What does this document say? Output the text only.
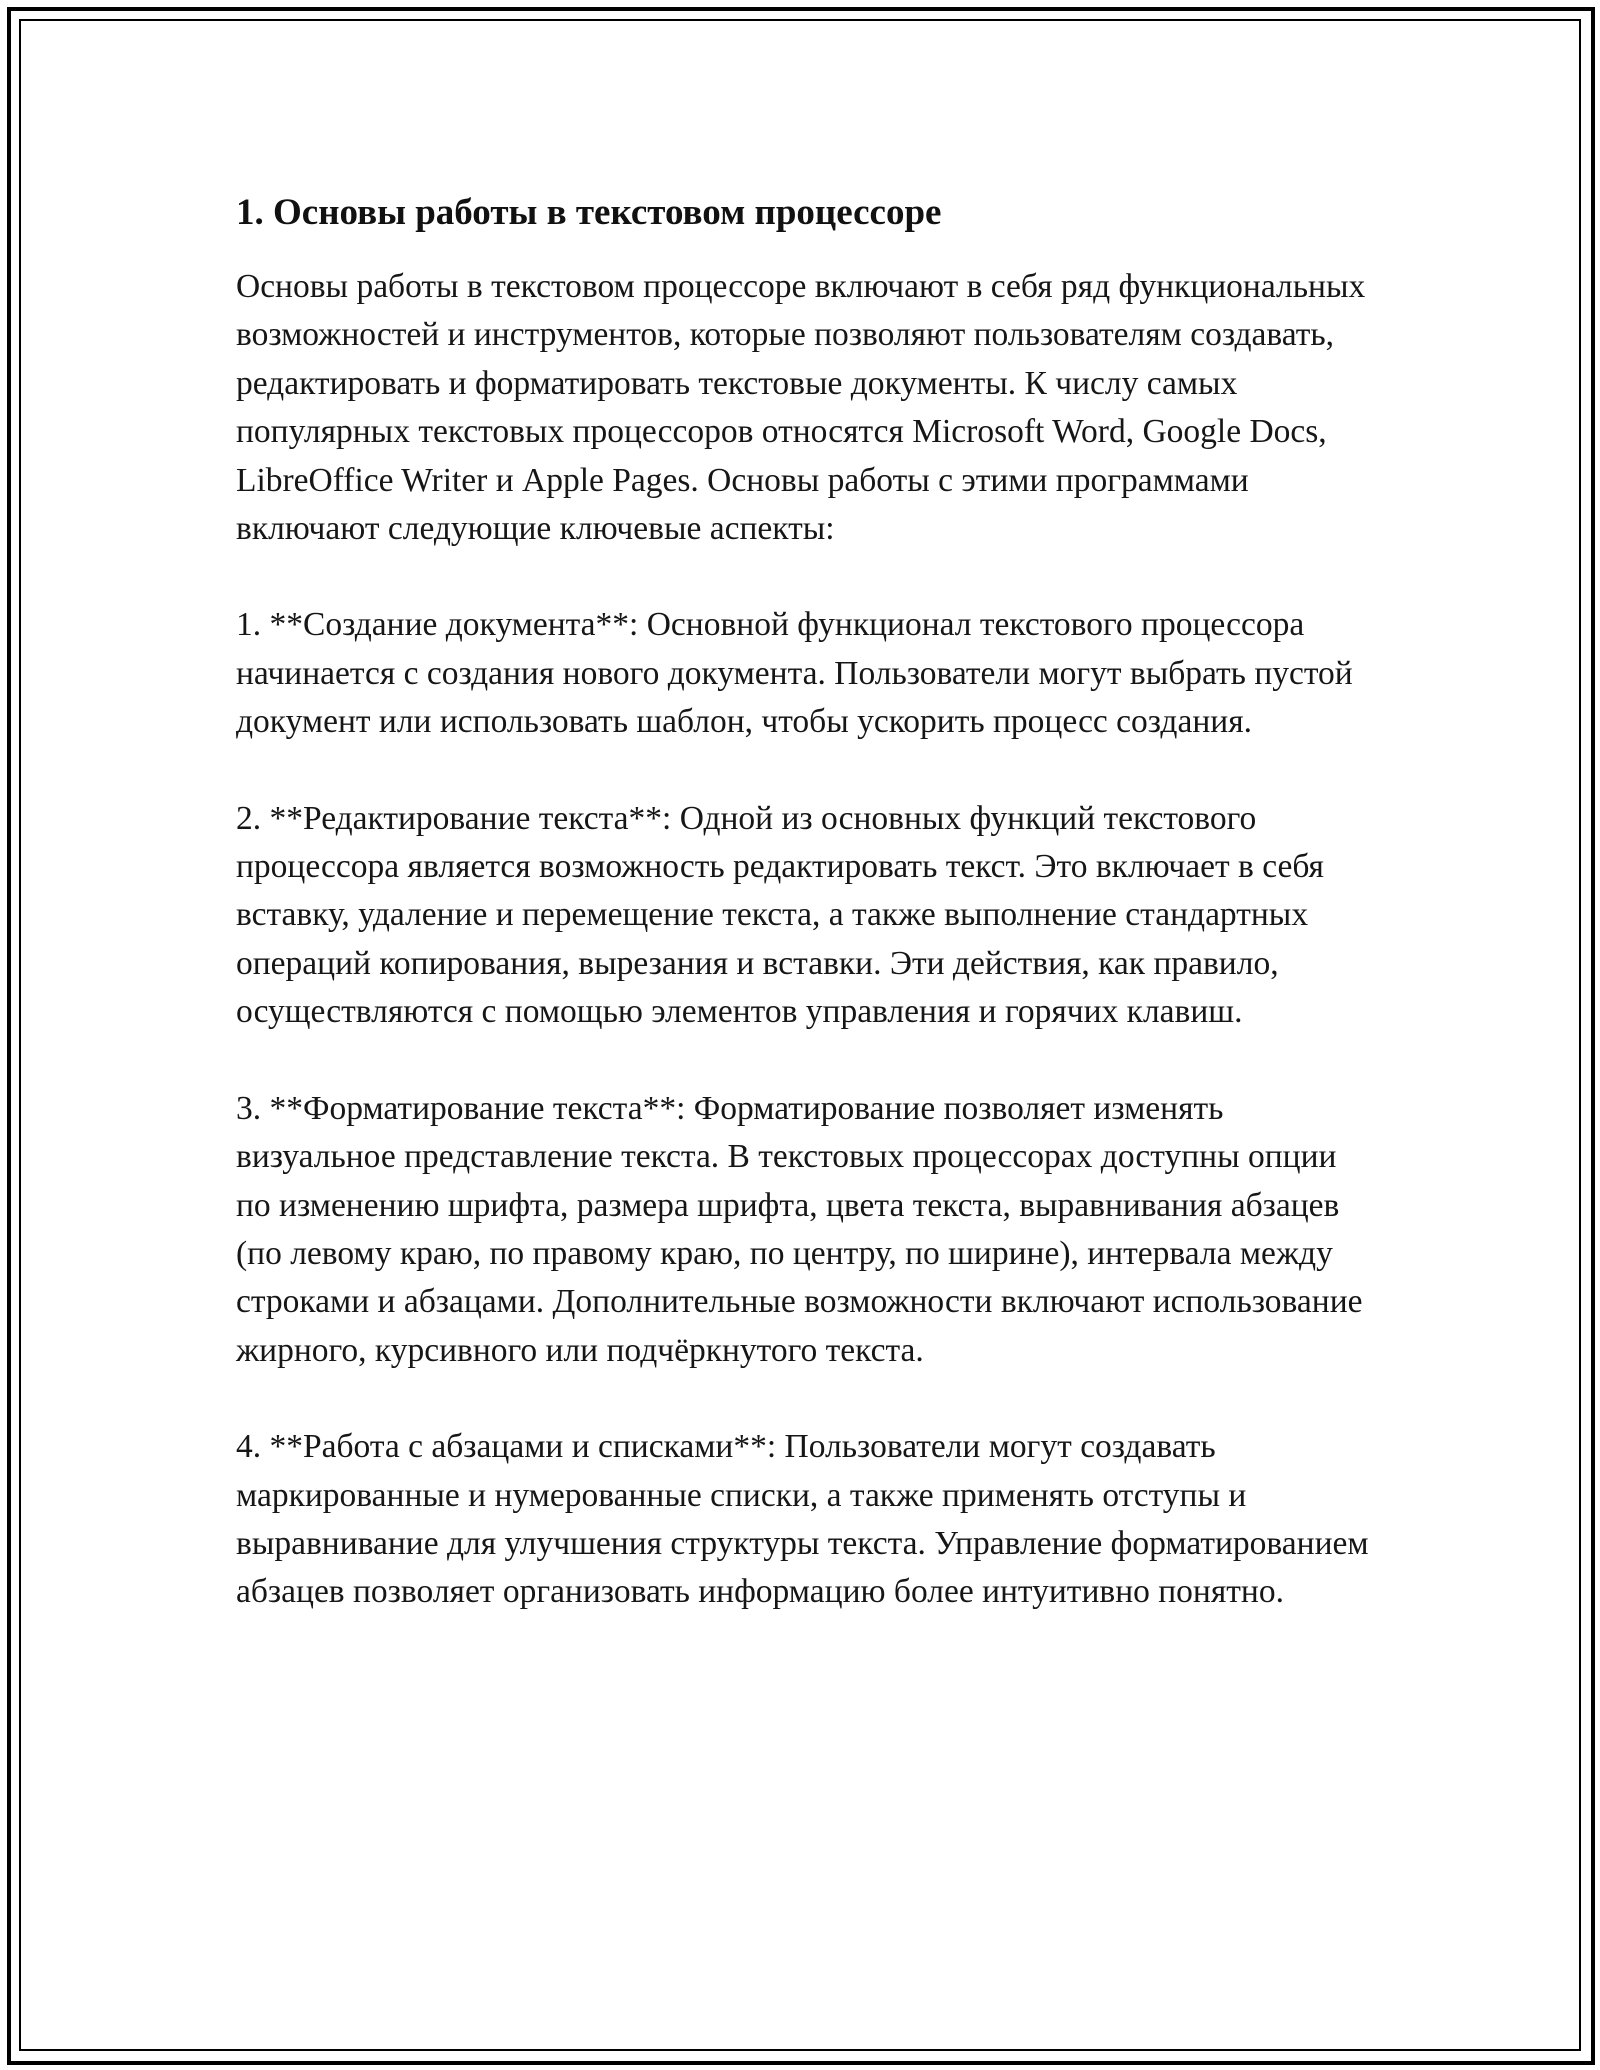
1. Основы работы в текстовом процессоре

Основы работы в текстовом процессоре включают в себя ряд функциональных возможностей и инструментов, которые позволяют пользователям создавать, редактировать и форматировать текстовые документы. К числу самых популярных текстовых процессоров относятся Microsoft Word, Google Docs, LibreOffice Writer и Apple Pages. Основы работы с этими программами включают следующие ключевые аспекты:

1. **Создание документа**: Основной функционал текстового процессора начинается с создания нового документа. Пользователи могут выбрать пустой документ или использовать шаблон, чтобы ускорить процесс создания.

2. **Редактирование текста**: Одной из основных функций текстового процессора является возможность редактировать текст. Это включает в себя вставку, удаление и перемещение текста, а также выполнение стандартных операций копирования, вырезания и вставки. Эти действия, как правило, осуществляются с помощью элементов управления и горячих клавиш.

3. **Форматирование текста**: Форматирование позволяет изменять визуальное представление текста. В текстовых процессорах доступны опции по изменению шрифта, размера шрифта, цвета текста, выравнивания абзацев (по левому краю, по правому краю, по центру, по ширине), интервала между строками и абзацами. Дополнительные возможности включают использование жирного, курсивного или подчёркнутого текста.

4. **Работа с абзацами и списками**: Пользователи могут создавать маркированные и нумерованные списки, а также применять отступы и выравнивание для улучшения структуры текста. Управление форматированием абзацев позволяет организовать информацию более интуитивно понятно.
